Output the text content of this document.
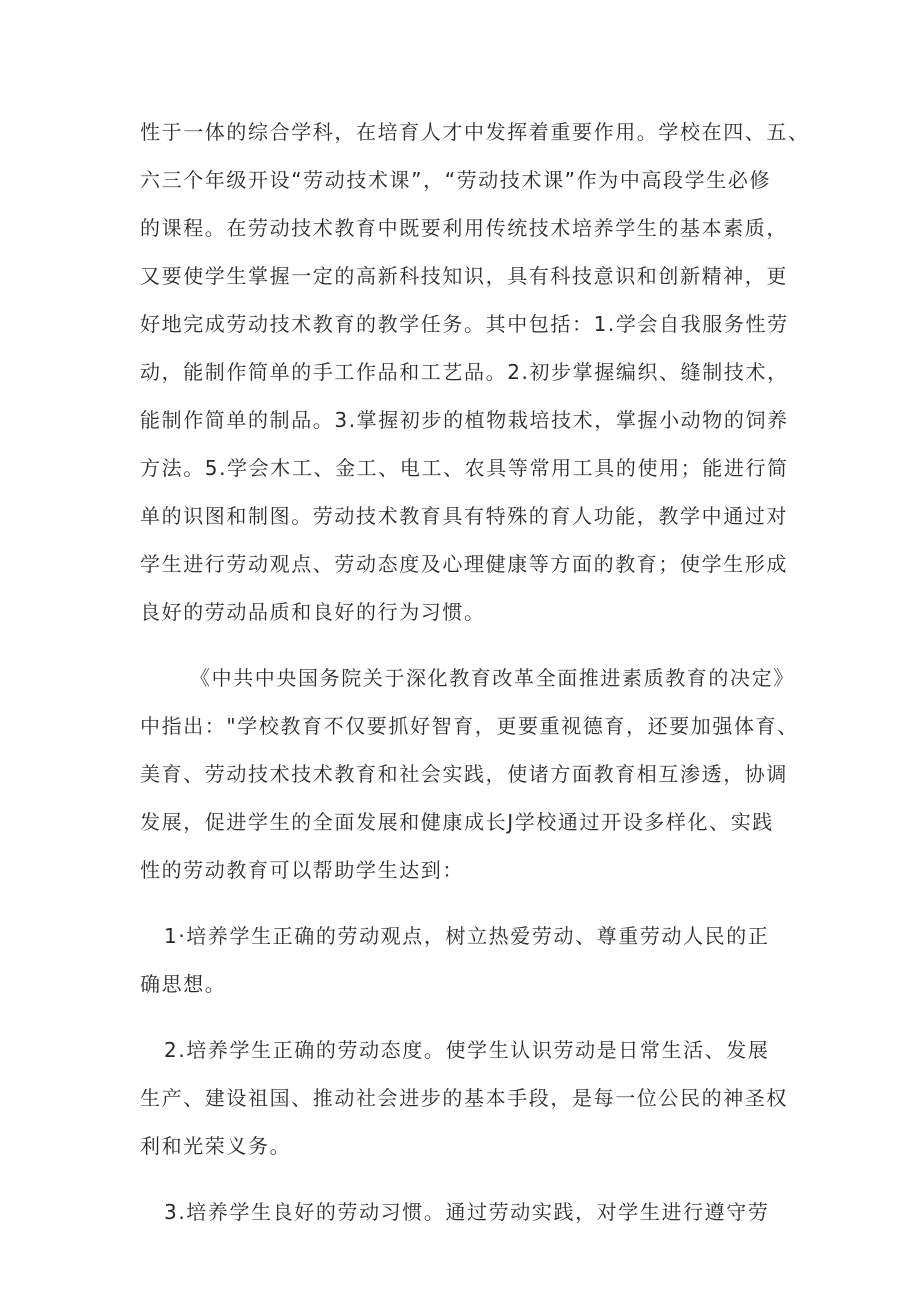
性于一体的综合学科，在培育人才中发挥着重要作用。学校在四、五、
六三个年级开设“劳动技术课”，“劳动技术课”作为中高段学生必修
的课程。在劳动技术教育中既要利用传统技术培养学生的基本素质，
又要使学生掌握一定的高新科技知识，具有科技意识和创新精神，更
好地完成劳动技术教育的教学任务。其中包括：1.学会自我服务性劳
动，能制作简单的手工作品和工艺品。2.初步掌握编织、缝制技术，
能制作简单的制品。3.掌握初步的植物栽培技术，掌握小动物的饲养
方法。5.学会木工、金工、电工、农具等常用工具的使用；能进行简
单的识图和制图。劳动技术教育具有特殊的育人功能，教学中通过对
学生进行劳动观点、劳动态度及心理健康等方面的教育；使学生形成
良好的劳动品质和良好的行为习惯。
《中共中央国务院关于深化教育改革全面推进素质教育的决定》
中指出："学校教育不仅要抓好智育，更要重视德育，还要加强体育、
美育、劳动技术技术教育和社会实践，使诸方面教育相互渗透，协调
发展，促进学生的全面发展和健康成长J学校通过开设多样化、实践
性的劳动教育可以帮助学生达到：
1·培养学生正确的劳动观点，树立热爱劳动、尊重劳动人民的正
确思想。
2.培养学生正确的劳动态度。使学生认识劳动是日常生活、发展
生产、建设祖国、推动社会进步的基本手段，是每一位公民的神圣权
利和光荣义务。
3.培养学生良好的劳动习惯。通过劳动实践，对学生进行遵守劳
